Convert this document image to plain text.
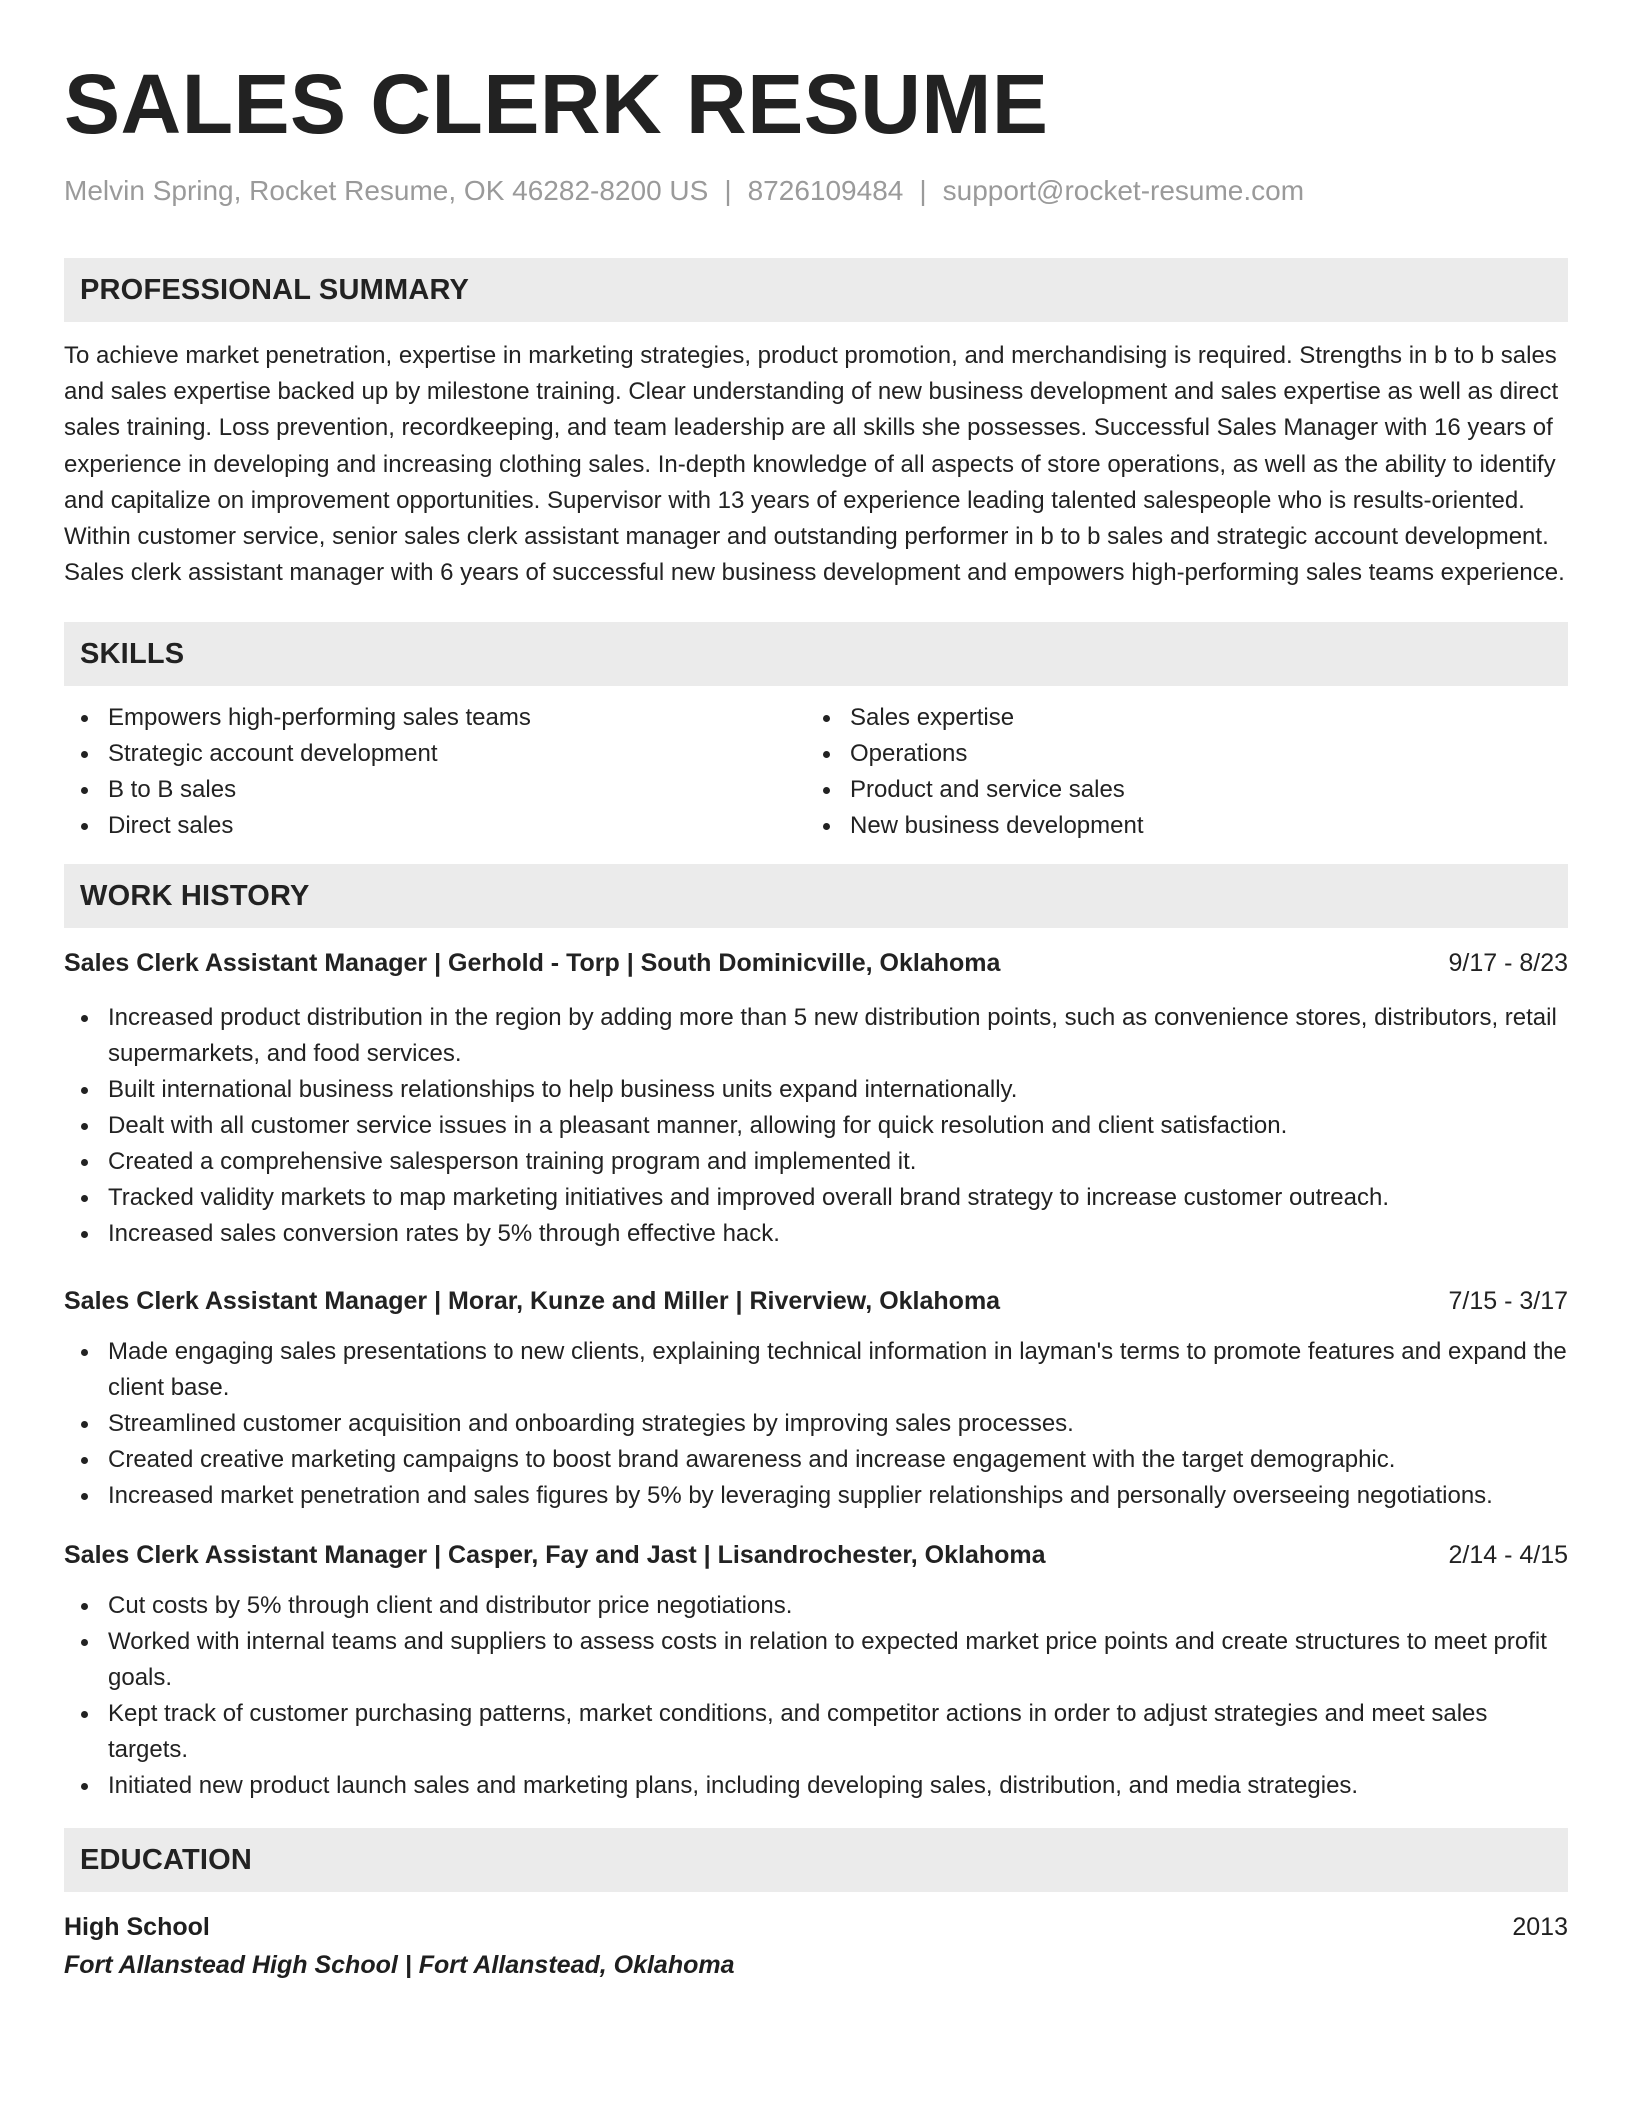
SALES CLERK RESUME
Melvin Spring, Rocket Resume, OK 46282-8200 US | 8726109484 | support@rocket-resume.com
PROFESSIONAL SUMMARY

To achieve market penetration, expertise in marketing strategies, product promotion, and merchandising is required. Strengths in b to b sales and sales expertise backed up by milestone training. Clear understanding of new business development and sales expertise as well as direct sales training. Loss prevention, recordkeeping, and team leadership are all skills she possesses. Successful Sales Manager with 16 years of experience in developing and increasing clothing sales. In-depth knowledge of all aspects of store operations, as well as the ability to identify and capitalize on improvement opportunities. Supervisor with 13 years of experience leading talented salespeople who is results-oriented. Within customer service, senior sales clerk assistant manager and outstanding performer in b to b sales and strategic account development. Sales clerk assistant manager with 6 years of successful new business development and empowers high-performing sales teams experience.

SKILLS
Empowers high-performing sales teams
Strategic account development
B to B sales
Direct sales
Sales expertise
Operations
Product and service sales
New business development
WORK HISTORY
Sales Clerk Assistant Manager | Gerhold - Torp | South Dominicville, Oklahoma	9/17 - 8/23
Increased product distribution in the region by adding more than 5 new distribution points, such as convenience stores, distributors, retail supermarkets, and food services.
Built international business relationships to help business units expand internationally.
Dealt with all customer service issues in a pleasant manner, allowing for quick resolution and client satisfaction.
Created a comprehensive salesperson training program and implemented it.
Tracked validity markets to map marketing initiatives and improved overall brand strategy to increase customer outreach.
Increased sales conversion rates by 5% through effective hack.
Sales Clerk Assistant Manager | Morar, Kunze and Miller | Riverview, Oklahoma	7/15 - 3/17
Made engaging sales presentations to new clients, explaining technical information in layman's terms to promote features and expand the client base.
Streamlined customer acquisition and onboarding strategies by improving sales processes.
Created creative marketing campaigns to boost brand awareness and increase engagement with the target demographic.
Increased market penetration and sales figures by 5% by leveraging supplier relationships and personally overseeing negotiations.
Sales Clerk Assistant Manager | Casper, Fay and Jast | Lisandrochester, Oklahoma	2/14 - 4/15
Cut costs by 5% through client and distributor price negotiations.
Worked with internal teams and suppliers to assess costs in relation to expected market price points and create structures to meet profit goals.
Kept track of customer purchasing patterns, market conditions, and competitor actions in order to adjust strategies and meet sales targets.
Initiated new product launch sales and marketing plans, including developing sales, distribution, and media strategies.
EDUCATION
High School	2013
Fort Allanstead High School | Fort Allanstead, Oklahoma
